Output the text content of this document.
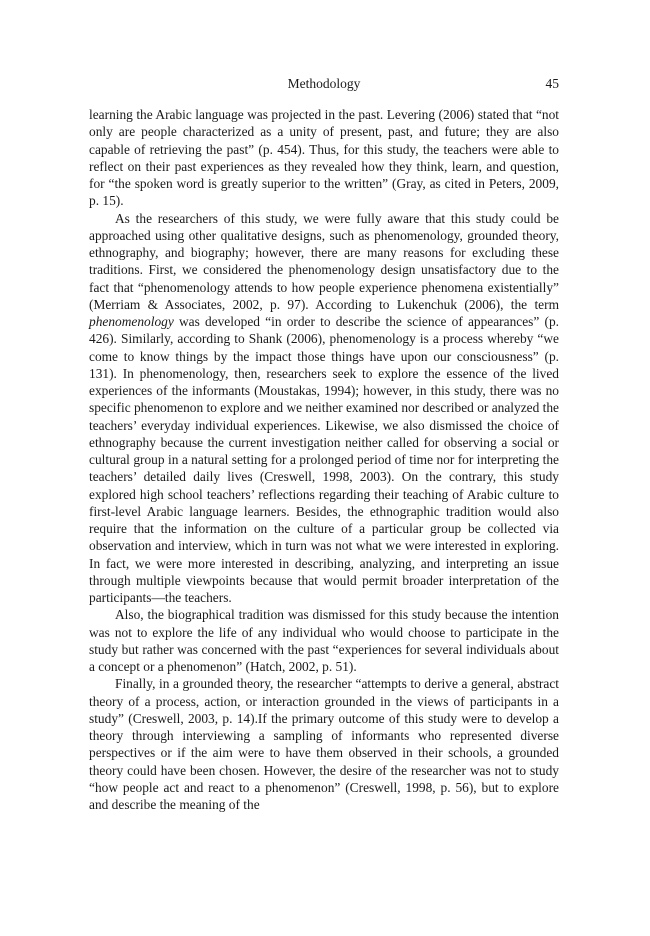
Methodology	45

learning the Arabic language was projected in the past. Levering (2006) stated that “not only are people characterized as a unity of present, past, and future; they are also capable of retrieving the past” (p. 454). Thus, for this study, the teachers were able to reflect on their past experiences as they revealed how they think, learn, and question, for “the spoken word is greatly superior to the written” (Gray, as cited in Peters, 2009, p. 15).

As the researchers of this study, we were fully aware that this study could be approached using other qualitative designs, such as phenomenology, grounded theory, ethnography, and biography; however, there are many reasons for excluding these traditions. First, we considered the phenomenology design unsatisfactory due to the fact that “phenomenology attends to how people experience phenomena existentially” (Merriam & Associates, 2002, p. 97). According to Lukenchuk (2006), the term phenomenology was developed “in order to describe the science of appearances” (p. 426). Similarly, according to Shank (2006), phenomenology is a process whereby “we come to know things by the impact those things have upon our consciousness” (p. 131). In phenomenology, then, researchers seek to explore the essence of the lived experiences of the informants (Moustakas, 1994); however, in this study, there was no specific phenomenon to explore and we neither examined nor described or analyzed the teachers’ everyday individual experiences. Likewise, we also dismissed the choice of ethnography because the current investigation neither called for observing a social or cultural group in a natural setting for a prolonged period of time nor for interpreting the teachers’ detailed daily lives (Creswell, 1998, 2003). On the contrary, this study explored high school teachers’ reflections regarding their teaching of Arabic culture to first-level Arabic language learners. Besides, the ethnographic tradition would also require that the information on the culture of a particular group be collected via observation and interview, which in turn was not what we were interested in exploring. In fact, we were more interested in describing, analyzing, and interpreting an issue through multiple viewpoints because that would permit broader interpretation of the participants—the teachers.

Also, the biographical tradition was dismissed for this study because the intention was not to explore the life of any individual who would choose to participate in the study but rather was concerned with the past “experiences for several individuals about a concept or a phenomenon” (Hatch, 2002, p. 51).

Finally, in a grounded theory, the researcher “attempts to derive a general, abstract theory of a process, action, or interaction grounded in the views of participants in a study” (Creswell, 2003, p. 14).If the primary outcome of this study were to develop a theory through interviewing a sampling of informants who represented diverse perspectives or if the aim were to have them observed in their schools, a grounded theory could have been chosen. However, the desire of the researcher was not to study “how people act and react to a phenomenon” (Creswell, 1998, p. 56), but to explore and describe the meaning of the
